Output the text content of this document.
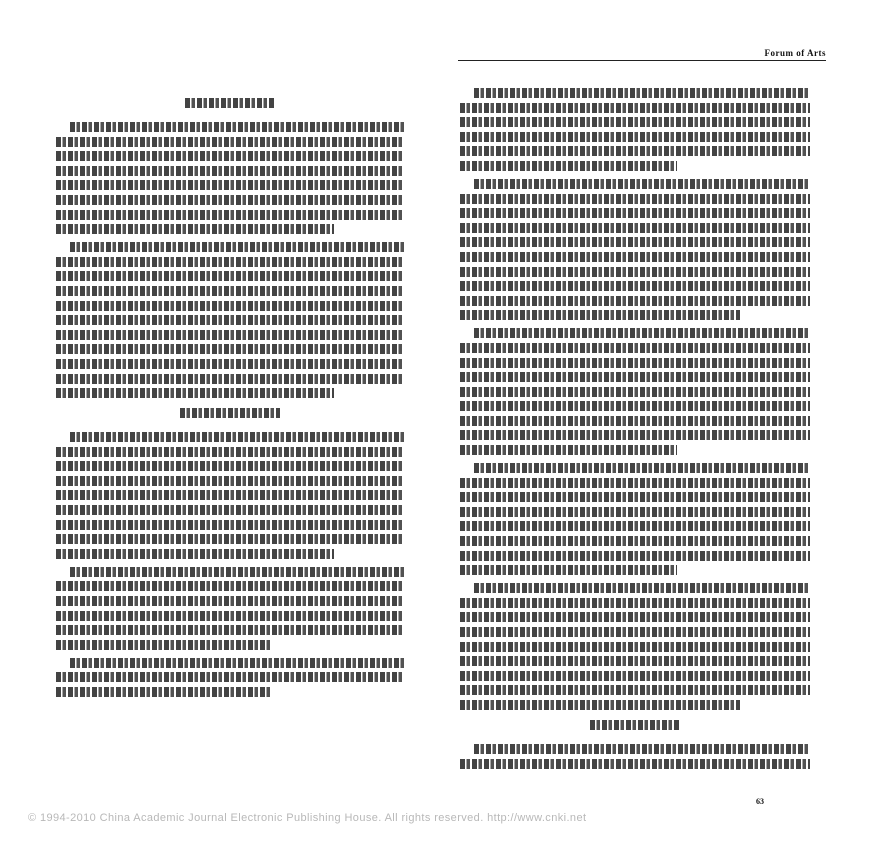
Forum of Arts
63
© 1994-2010 China Academic Journal Electronic Publishing House. All rights reserved. http://www.cnki.net
